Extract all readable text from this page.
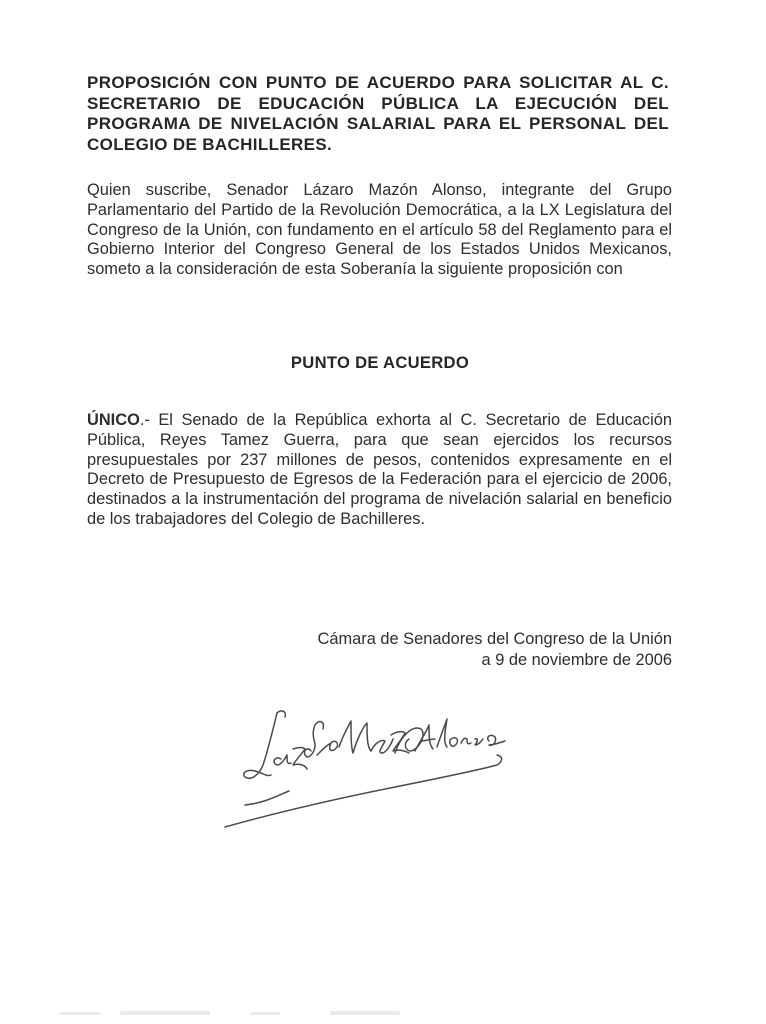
PROPOSICIÓN CON PUNTO DE ACUERDO PARA SOLICITAR AL C. SECRETARIO DE EDUCACIÓN PÚBLICA LA EJECUCIÓN DEL PROGRAMA DE NIVELACIÓN SALARIAL PARA EL PERSONAL DEL COLEGIO DE BACHILLERES.

Quien suscribe, Senador Lázaro Mazón Alonso, integrante del Grupo Parlamentario del Partido de la Revolución Democrática, a la LX Legislatura del Congreso de la Unión, con fundamento en el artículo 58 del Reglamento para el Gobierno Interior del Congreso General de los Estados Unidos Mexicanos, someto a la consideración de esta Soberanía la siguiente proposición con

PUNTO DE ACUERDO

ÚNICO.- El Senado de la República exhorta al C. Secretario de Educación Pública, Reyes Tamez Guerra, para que sean ejercidos los recursos presupuestales por 237 millones de pesos, contenidos expresamente en el Decreto de Presupuesto de Egresos de la Federación para el ejercicio de 2006, destinados a la instrumentación del programa de nivelación salarial en beneficio de los trabajadores del Colegio de Bachilleres.

Cámara de Senadores del Congreso de la Unión
a 9 de noviembre de 2006
